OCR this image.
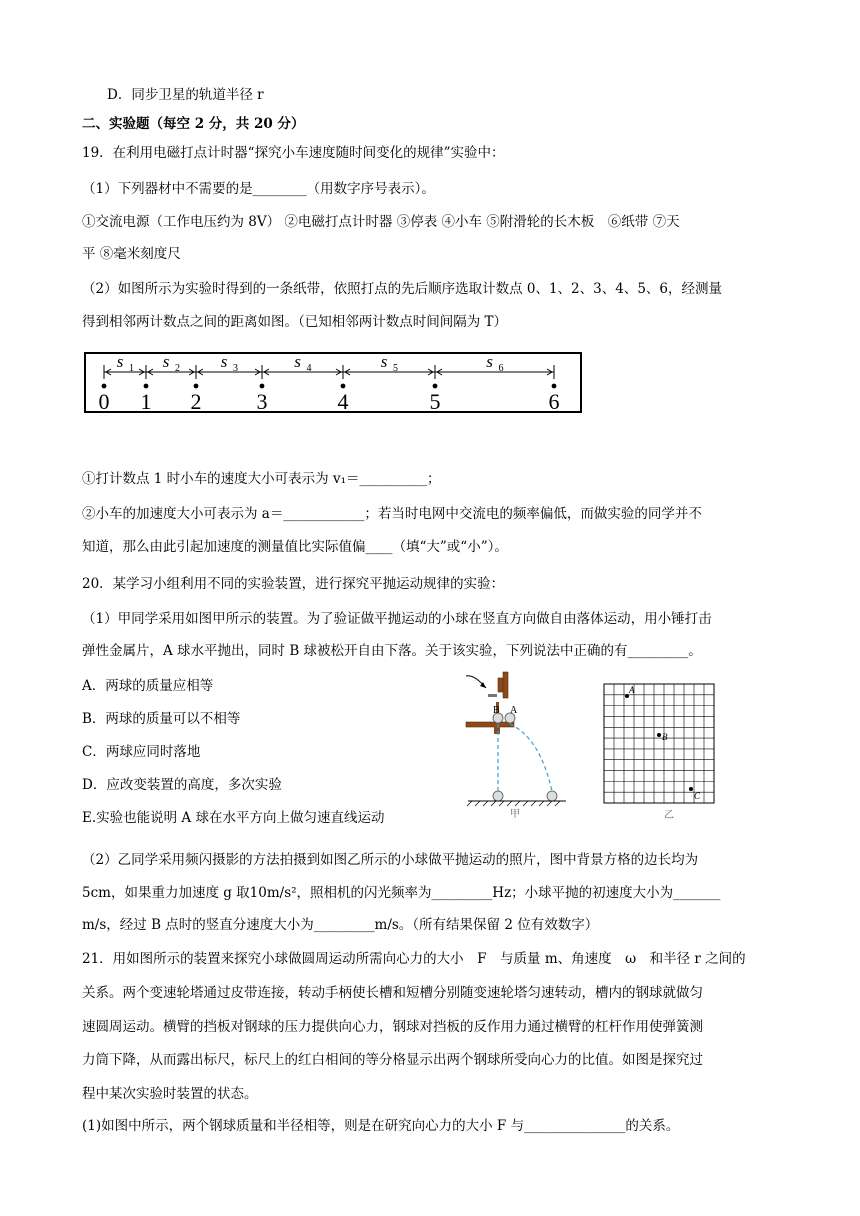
D．同步卫星的轨道半径 r
二、实验题（每空 2 分，共 20 分）
19．在利用电磁打点计时器“探究小车速度随时间变化的规律”实验中：
（1）下列器材中不需要的是________（用数字序号表示）。
①交流电源（工作电压约为 8V） ②电磁打点计时器 ③停表 ④小车 ⑤附滑轮的长木板　⑥纸带 ⑦天
平 ⑧毫米刻度尺
（2）如图所示为实验时得到的一条纸带，依照打点的先后顺序选取计数点 0、1、2、3、4、5、6，经测量
得到相邻两计数点之间的距离如图。（已知相邻两计数点时间间隔为 T）
0 1 2	3	4	5	6
s 1 s 2 s 3	s 4	s 5	s 6
①打计数点 1 时小车的速度大小可表示为 v₁＝__________；
②小车的加速度大小可表示为 a＝____________；若当时电网中交流电的频率偏低，而做实验的同学并不
知道，那么由此引起加速度的测量值比实际值偏____（填“大”或“小”）。
20．某学习小组利用不同的实验装置，进行探究平抛运动规律的实验：
（1）甲同学采用如图甲所示的装置。为了验证做平抛运动的小球在竖直方向做自由落体运动，用小锤打击
弹性金属片，A 球水平抛出，同时 B 球被松开自由下落。关于该实验，下列说法中正确的有_________。
A．两球的质量应相等
B．两球的质量可以不相等
C．两球应同时落地
D．应改变装置的高度，多次实验
E.实验也能说明 A 球在水平方向上做匀速直线运动
B A
甲
A
B
C
乙
（2）乙同学采用频闪摄影的方法拍摄到如图乙所示的小球做平抛运动的照片，图中背景方格的边长均为
5cm，如果重力加速度 g 取10m/s²，照相机的闪光频率为_________Hz；小球平抛的初速度大小为_______
m/s，经过 B 点时的竖直分速度大小为_________m/s。（所有结果保留 2 位有效数字）
21．用如图所示的装置来探究小球做圆周运动所需向心力的大小　F　与质量 m、角速度　ω　和半径 r 之间的
关系。两个变速轮塔通过皮带连接，转动手柄使长槽和短槽分别随变速轮塔匀速转动，槽内的钢球就做匀
速圆周运动。横臂的挡板对钢球的压力提供向心力，钢球对挡板的反作用力通过横臂的杠杆作用使弹簧测
力筒下降，从而露出标尺，标尺上的红白相间的等分格显示出两个钢球所受向心力的比值。如图是探究过
程中某次实验时装置的状态。
(1)如图中所示，两个钢球质量和半径相等，则是在研究向心力的大小 F 与_______________的关系。
